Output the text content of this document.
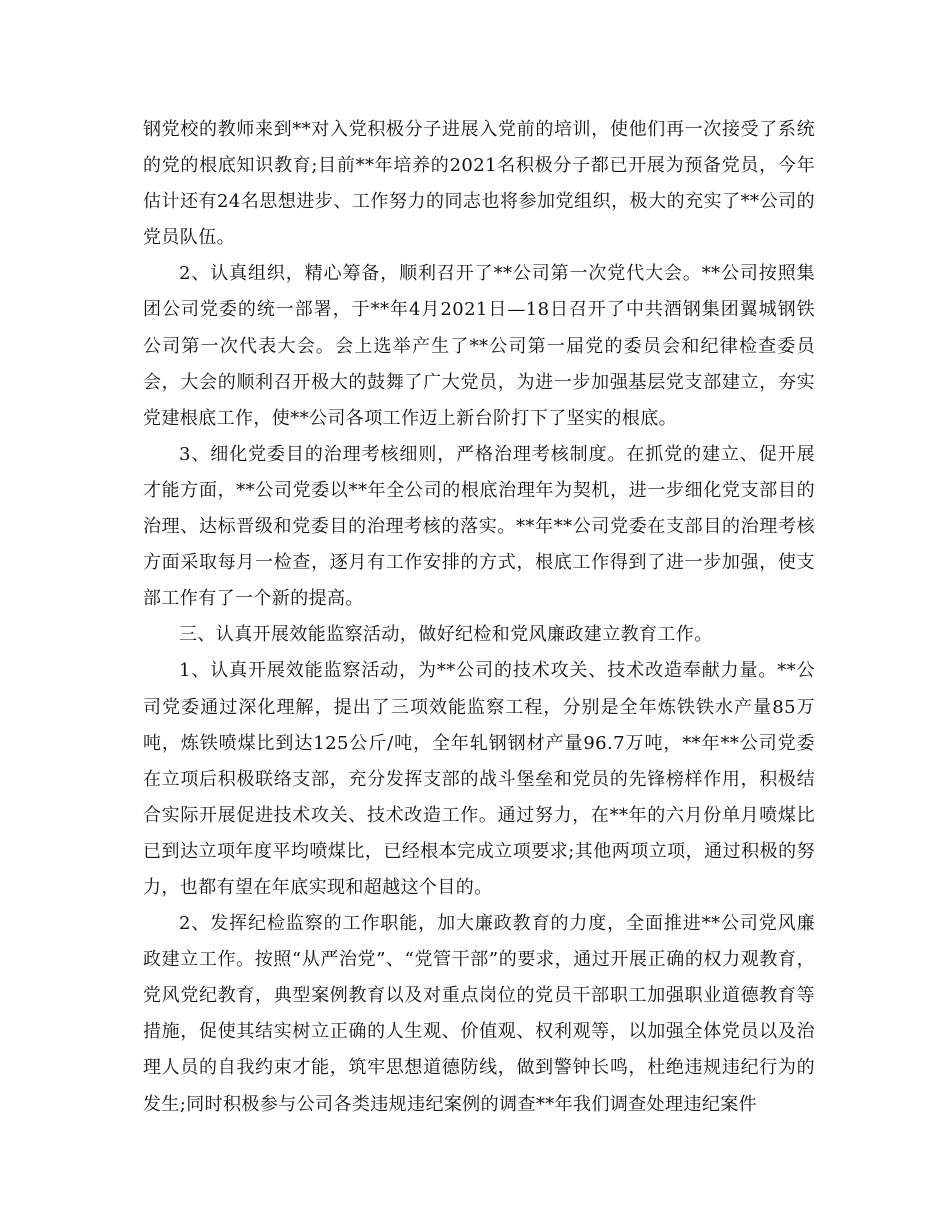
钢党校的教师来到**对入党积极分子进展入党前的培训，使他们再一次接受了系统的党的根底知识教育;目前**年培养的2021名积极分子都已开展为预备党员，今年估计还有24名思想进步、工作努力的同志也将参加党组织，极大的充实了**公司的党员队伍。

2、认真组织，精心筹备，顺利召开了**公司第一次党代大会。**公司按照集团公司党委的统一部署，于**年4月2021日—18日召开了中共酒钢集团翼城钢铁公司第一次代表大会。会上选举产生了**公司第一届党的委员会和纪律检查委员会，大会的顺利召开极大的鼓舞了广大党员，为进一步加强基层党支部建立，夯实党建根底工作，使**公司各项工作迈上新台阶打下了坚实的根底。

3、细化党委目的治理考核细则，严格治理考核制度。在抓党的建立、促开展才能方面，**公司党委以**年全公司的根底治理年为契机，进一步细化党支部目的治理、达标晋级和党委目的治理考核的落实。**年**公司党委在支部目的治理考核方面采取每月一检查，逐月有工作安排的方式，根底工作得到了进一步加强，使支部工作有了一个新的提高。

三、认真开展效能监察活动，做好纪检和党风廉政建立教育工作。

1、认真开展效能监察活动，为**公司的技术攻关、技术改造奉献力量。**公司党委通过深化理解，提出了三项效能监察工程，分别是全年炼铁铁水产量85万吨，炼铁喷煤比到达125公斤/吨，全年轧钢钢材产量96.7万吨，**年**公司党委在立项后积极联络支部，充分发挥支部的战斗堡垒和党员的先锋榜样作用，积极结合实际开展促进技术攻关、技术改造工作。通过努力，在**年的六月份单月喷煤比已到达立项年度平均喷煤比，已经根本完成立项要求;其他两项立项，通过积极的努力，也都有望在年底实现和超越这个目的。

2、发挥纪检监察的工作职能，加大廉政教育的力度，全面推进**公司党风廉政建立工作。按照“从严治党”、“党管干部”的要求，通过开展正确的权力观教育，党风党纪教育，典型案例教育以及对重点岗位的党员干部职工加强职业道德教育等措施，促使其结实树立正确的人生观、价值观、权利观等，以加强全体党员以及治理人员的自我约束才能，筑牢思想道德防线，做到警钟长鸣，杜绝违规违纪行为的发生;同时积极参与公司各类违规违纪案例的调查**年我们调查处理违纪案件
